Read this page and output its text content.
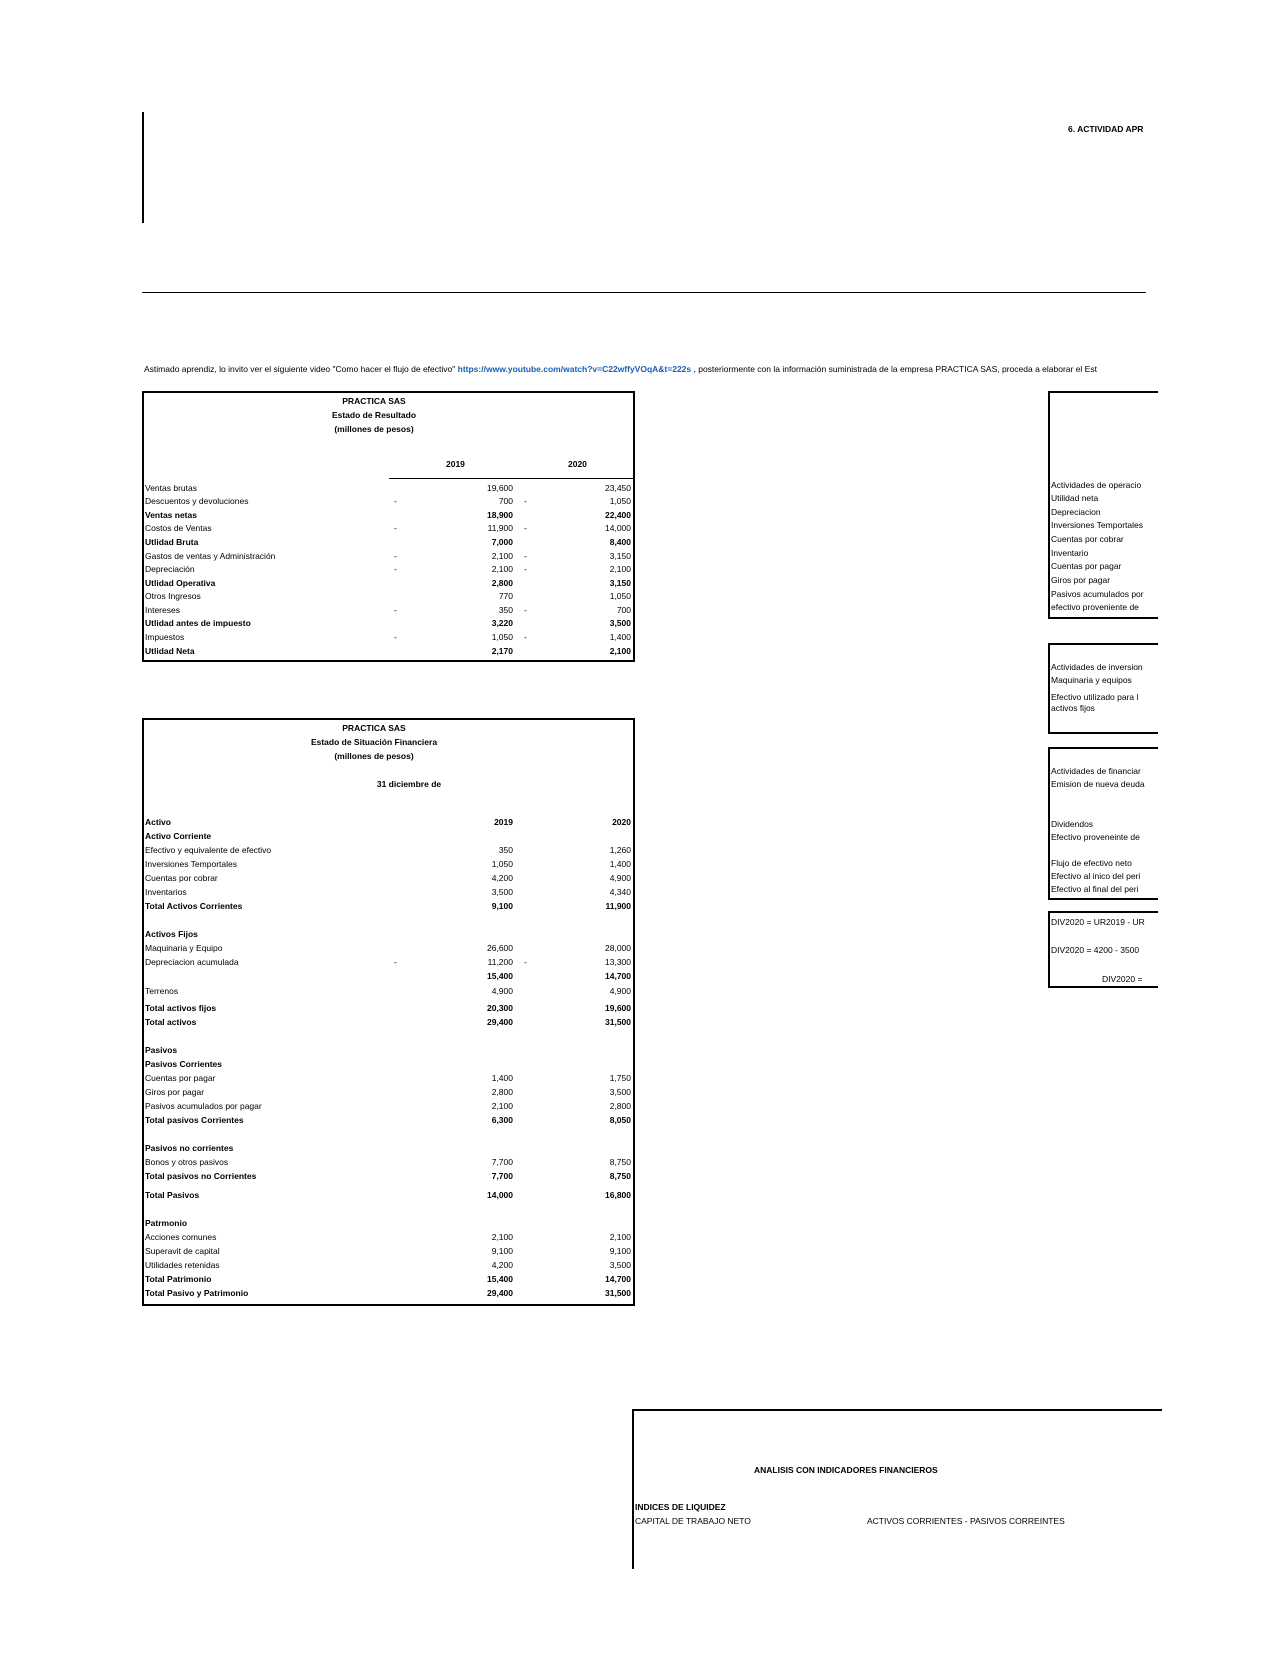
6. ACTIVIDAD APR
Astimado aprendiz, lo invito ver el siguiente video "Como hacer el flujo de efectivo" https://www.youtube.com/watch?v=C22wffyVOqA&t=222s , posteriormente con la información suministrada de la empresa PRACTICA SAS, proceda a elaborar el Est
PRACTICA SAS
Estado de Resultado
(millones de pesos)
2019	2020
Ventas brutas	19,600	23,450
Descuentos y devoluciones	-	700 -	1,050
Ventas netas	18,900	22,400
Costos de Ventas	-	11,900 -	14,000
Utlidad Bruta	7,000	8,400
Gastos de ventas y Administración	-	2,100 -	3,150
Depreciación	-	2,100 -	2,100
Utlidad Operativa	2,800	3,150
Otros Ingresos	770	1,050
Intereses	-	350 -	700
Utlidad antes de impuesto	3,220	3,500
Impuestos	-	1,050 -	1,400
Utlidad Neta	2,170	2,100
PRACTICA SAS
Estado de Situación Financiera
(millones de pesos)
31 diciembre de
Activo	2019	2020
Activo Corriente
Efectivo y equivalente de efectivo	350	1,260
Inversiones Temportales	1,050	1,400
Cuentas por cobrar	4,200	4,900
Inventarios	3,500	4,340
Total Activos Corrientes	9,100	11,900
Activos Fijos
Maquinaria y Equipo	26,600	28,000
Depreciacion acumulada	-	11,200 -	13,300
15,400	14,700
Terrenos	4,900	4,900
Total activos fijos	20,300	19,600
Total activos	29,400	31,500
Pasivos
Pasivos Corrientes
Cuentas por pagar	1,400	1,750
Giros por pagar	2,800	3,500
Pasivos acumulados por pagar	2,100	2,800
Total pasivos Corrientes	6,300	8,050
Pasivos no corrientes
Bonos y otros pasivos	7,700	8,750
Total pasivos no Corrientes	7,700	8,750
Total Pasivos	14,000	16,800
Patrmonio
Acciones comunes	2,100	2,100
Superavit de capital	9,100	9,100
Utilidades retenidas	4,200	3,500
Total Patrimonio	15,400	14,700
Total Pasivo y Patrimonio	29,400	31,500
Actividades de operacio
Utilidad neta
Depreciacion
Inversiones Temportales
Cuentas por cobrar
Inventario
Cuentas por pagar
Giros por pagar
Pasivos acumulados por
efectivo proveniente de
Actividades de inversion
Maquinaria y equipos
Efectivo utilizado para l
activos fijos
Actividades de financiar
Emision de nueva deuda
Dividendos
Efectivo proveneinte de
Flujo de efectivo neto
Efectivo al inico del peri
Efectivo al final del peri
DIV2020 = UR2019 - UR
DIV2020 = 4200 - 3500
DIV2020 =
ANALISIS CON INDICADORES FINANCIEROS
INDICES DE LIQUIDEZ
CAPITAL DE TRABAJO NETO	ACTIVOS CORRIENTES - PASIVOS CORREINTES
